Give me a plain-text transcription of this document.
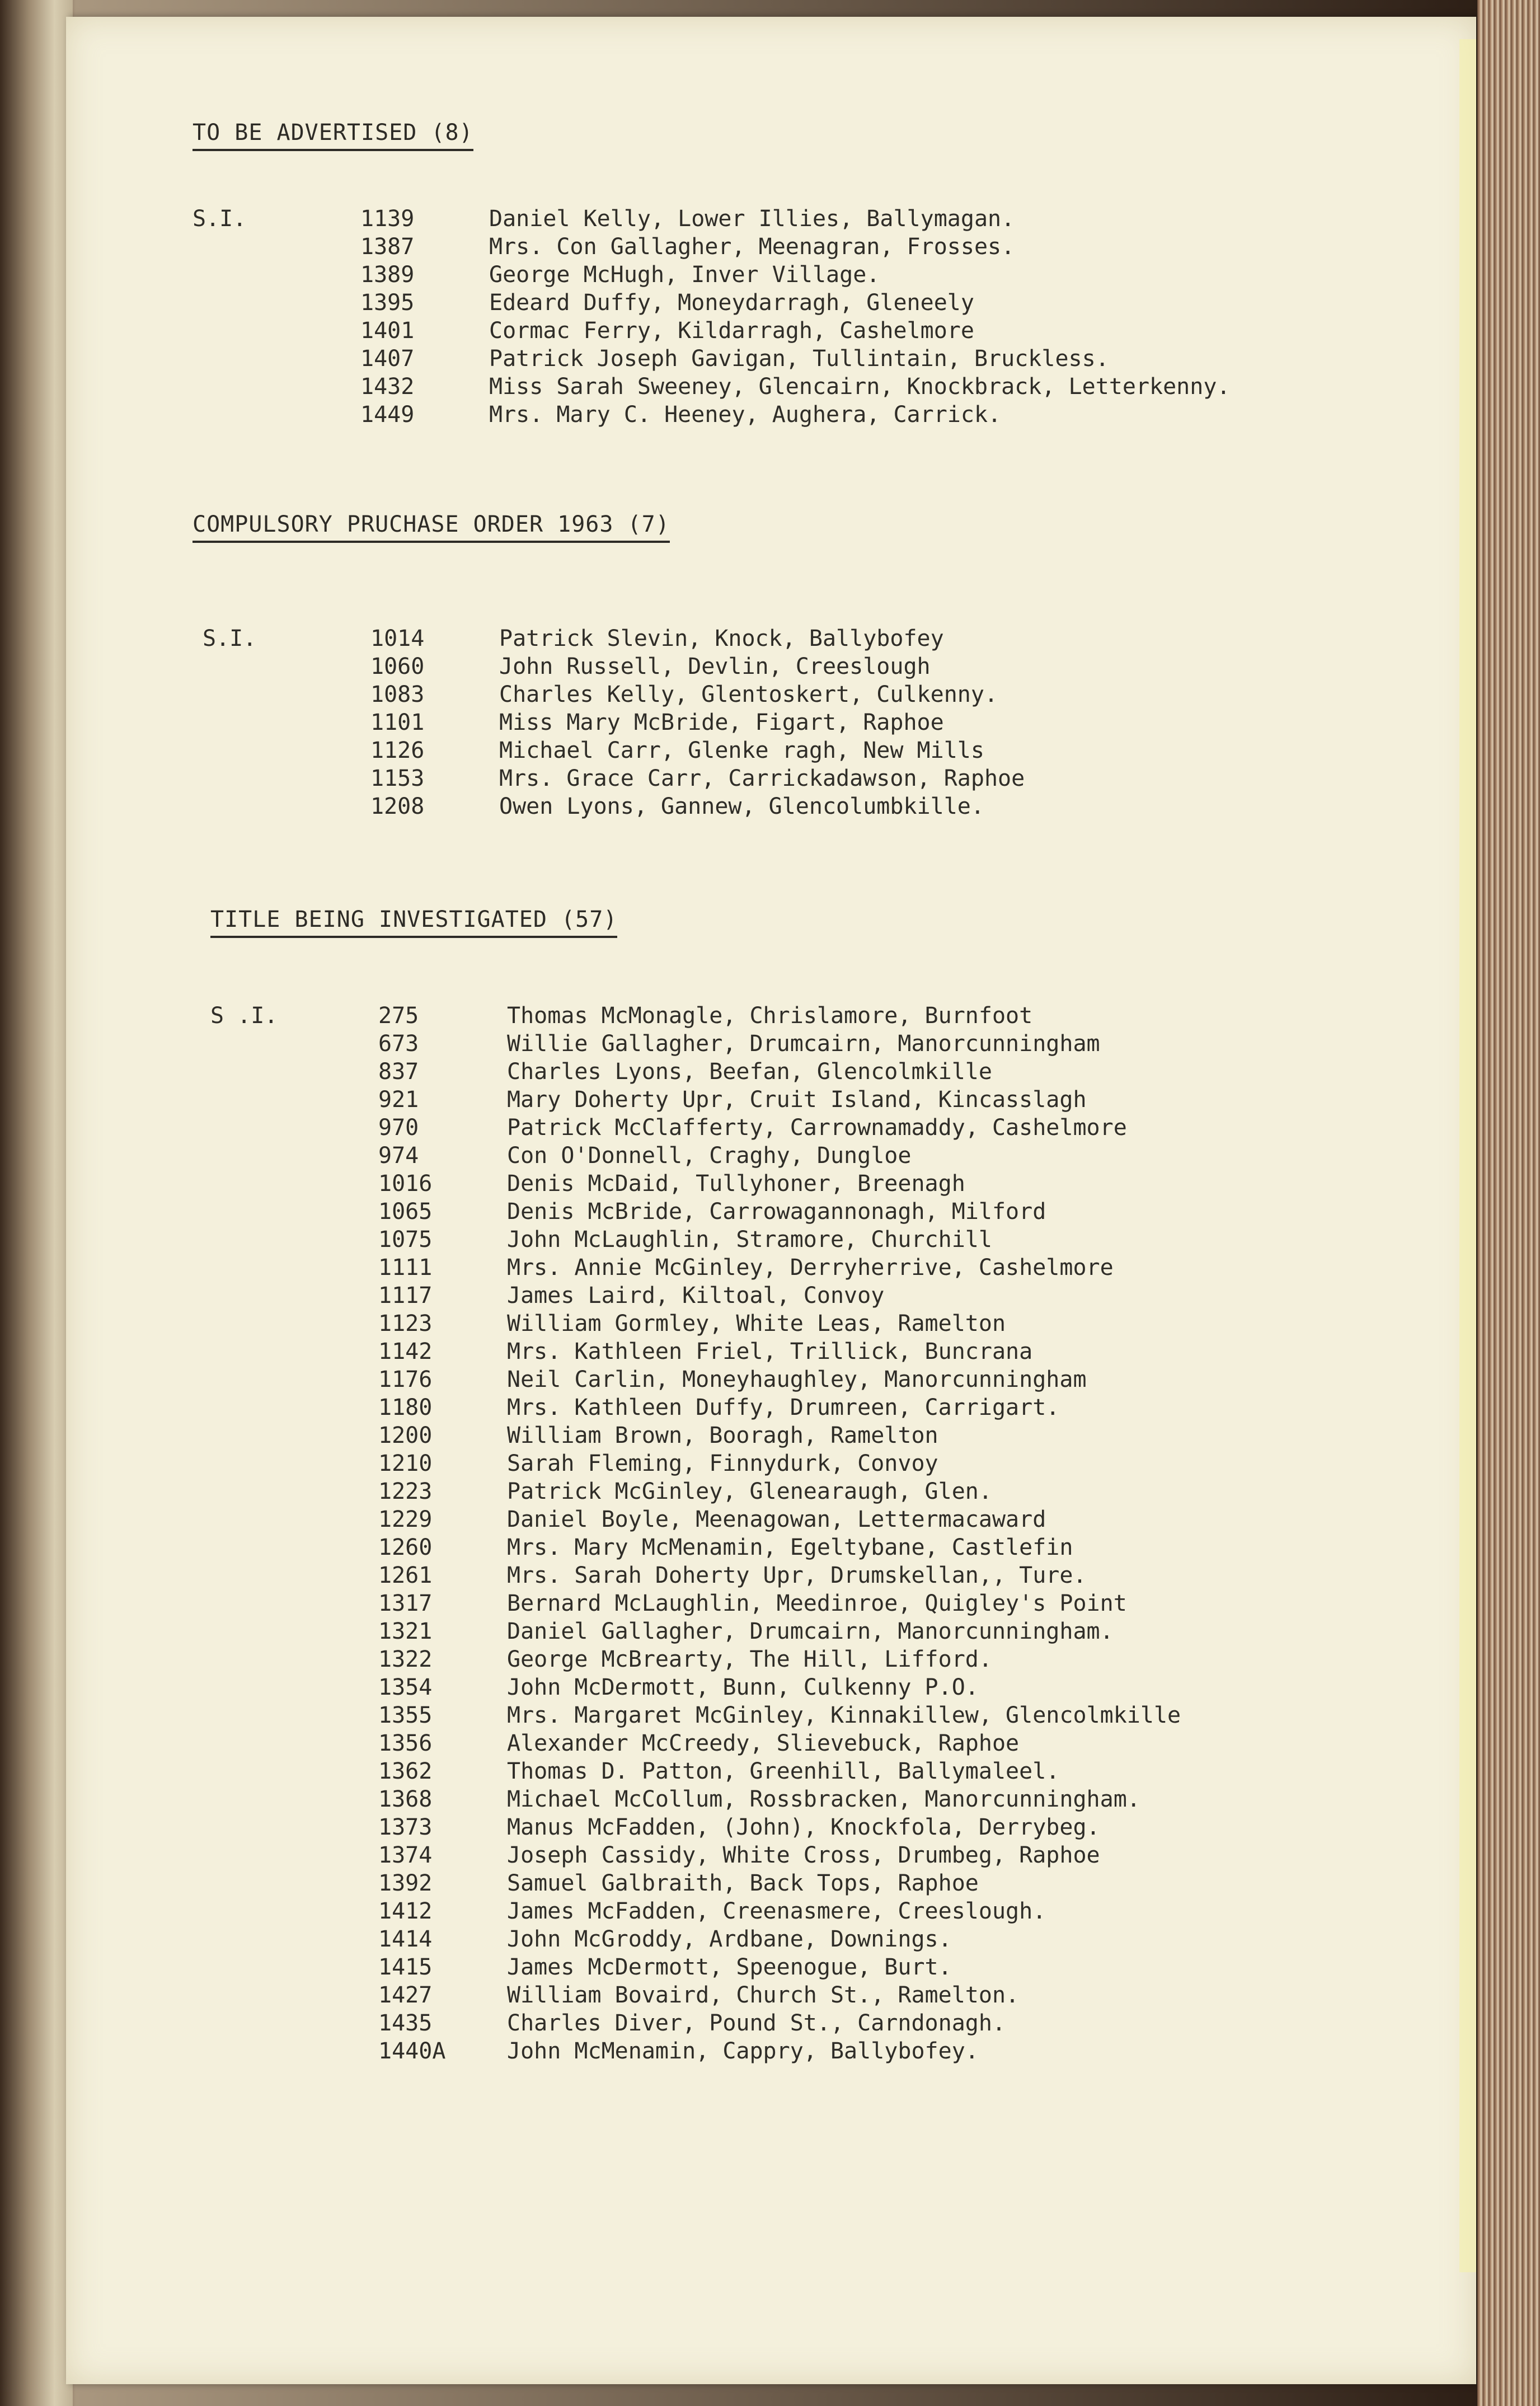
TO BE ADVERTISED (8)
S.I.	1139	Daniel Kelly, Lower Illies, Ballymagan.
1387	Mrs. Con Gallagher, Meenagran, Frosses.
1389	George McHugh, Inver Village.
1395	Edeard Duffy, Moneydarragh, Gleneely
1401	Cormac Ferry, Kildarragh, Cashelmore
1407	Patrick Joseph Gavigan, Tullintain, Bruckless.
1432	Miss Sarah Sweeney, Glencairn, Knockbrack, Letterkenny.
1449	Mrs. Mary C. Heeney, Aughera, Carrick.
COMPULSORY PRUCHASE ORDER 1963 (7)
S.I.	1014	Patrick Slevin, Knock, Ballybofey
1060	John Russell, Devlin, Creeslough
1083	Charles Kelly, Glentoskert, Culkenny.
1101	Miss Mary McBride, Figart, Raphoe
1126	Michael Carr, Glenke ragh, New Mills
1153	Mrs. Grace Carr, Carrickadawson, Raphoe
1208	Owen Lyons, Gannew, Glencolumbkille.
TITLE BEING INVESTIGATED (57)
S .I.	275	Thomas McMonagle, Chrislamore, Burnfoot
673	Willie Gallagher, Drumcairn, Manorcunningham
837	Charles Lyons, Beefan, Glencolmkille
921	Mary Doherty Upr, Cruit Island, Kincasslagh
970	Patrick McClafferty, Carrownamaddy, Cashelmore
974	Con O'Donnell, Craghy, Dungloe
1016	Denis McDaid, Tullyhoner, Breenagh
1065	Denis McBride, Carrowagannonagh, Milford
1075	John McLaughlin, Stramore, Churchill
1111	Mrs. Annie McGinley, Derryherrive, Cashelmore
1117	James Laird, Kiltoal, Convoy
1123	William Gormley, White Leas, Ramelton
1142	Mrs. Kathleen Friel, Trillick, Buncrana
1176	Neil Carlin, Moneyhaughley, Manorcunningham
1180	Mrs. Kathleen Duffy, Drumreen, Carrigart.
1200	William Brown, Booragh, Ramelton
1210	Sarah Fleming, Finnydurk, Convoy
1223	Patrick McGinley, Glenearaugh, Glen.
1229	Daniel Boyle, Meenagowan, Lettermacaward
1260	Mrs. Mary McMenamin, Egeltybane, Castlefin
1261	Mrs. Sarah Doherty Upr, Drumskellan,, Ture.
1317	Bernard McLaughlin, Meedinroe, Quigley's Point
1321	Daniel Gallagher, Drumcairn, Manorcunningham.
1322	George McBrearty, The Hill, Lifford.
1354	John McDermott, Bunn, Culkenny P.O.
1355	Mrs. Margaret McGinley, Kinnakillew, Glencolmkille
1356	Alexander McCreedy, Slievebuck, Raphoe
1362	Thomas D. Patton, Greenhill, Ballymaleel.
1368	Michael McCollum, Rossbracken, Manorcunningham.
1373	Manus McFadden, (John), Knockfola, Derrybeg.
1374	Joseph Cassidy, White Cross, Drumbeg, Raphoe
1392	Samuel Galbraith, Back Tops, Raphoe
1412	James McFadden, Creenasmere, Creeslough.
1414	John McGroddy, Ardbane, Downings.
1415	James McDermott, Speenogue, Burt.
1427	William Bovaird, Church St., Ramelton.
1435	Charles Diver, Pound St., Carndonagh.
1440A	John McMenamin, Cappry, Ballybofey.
